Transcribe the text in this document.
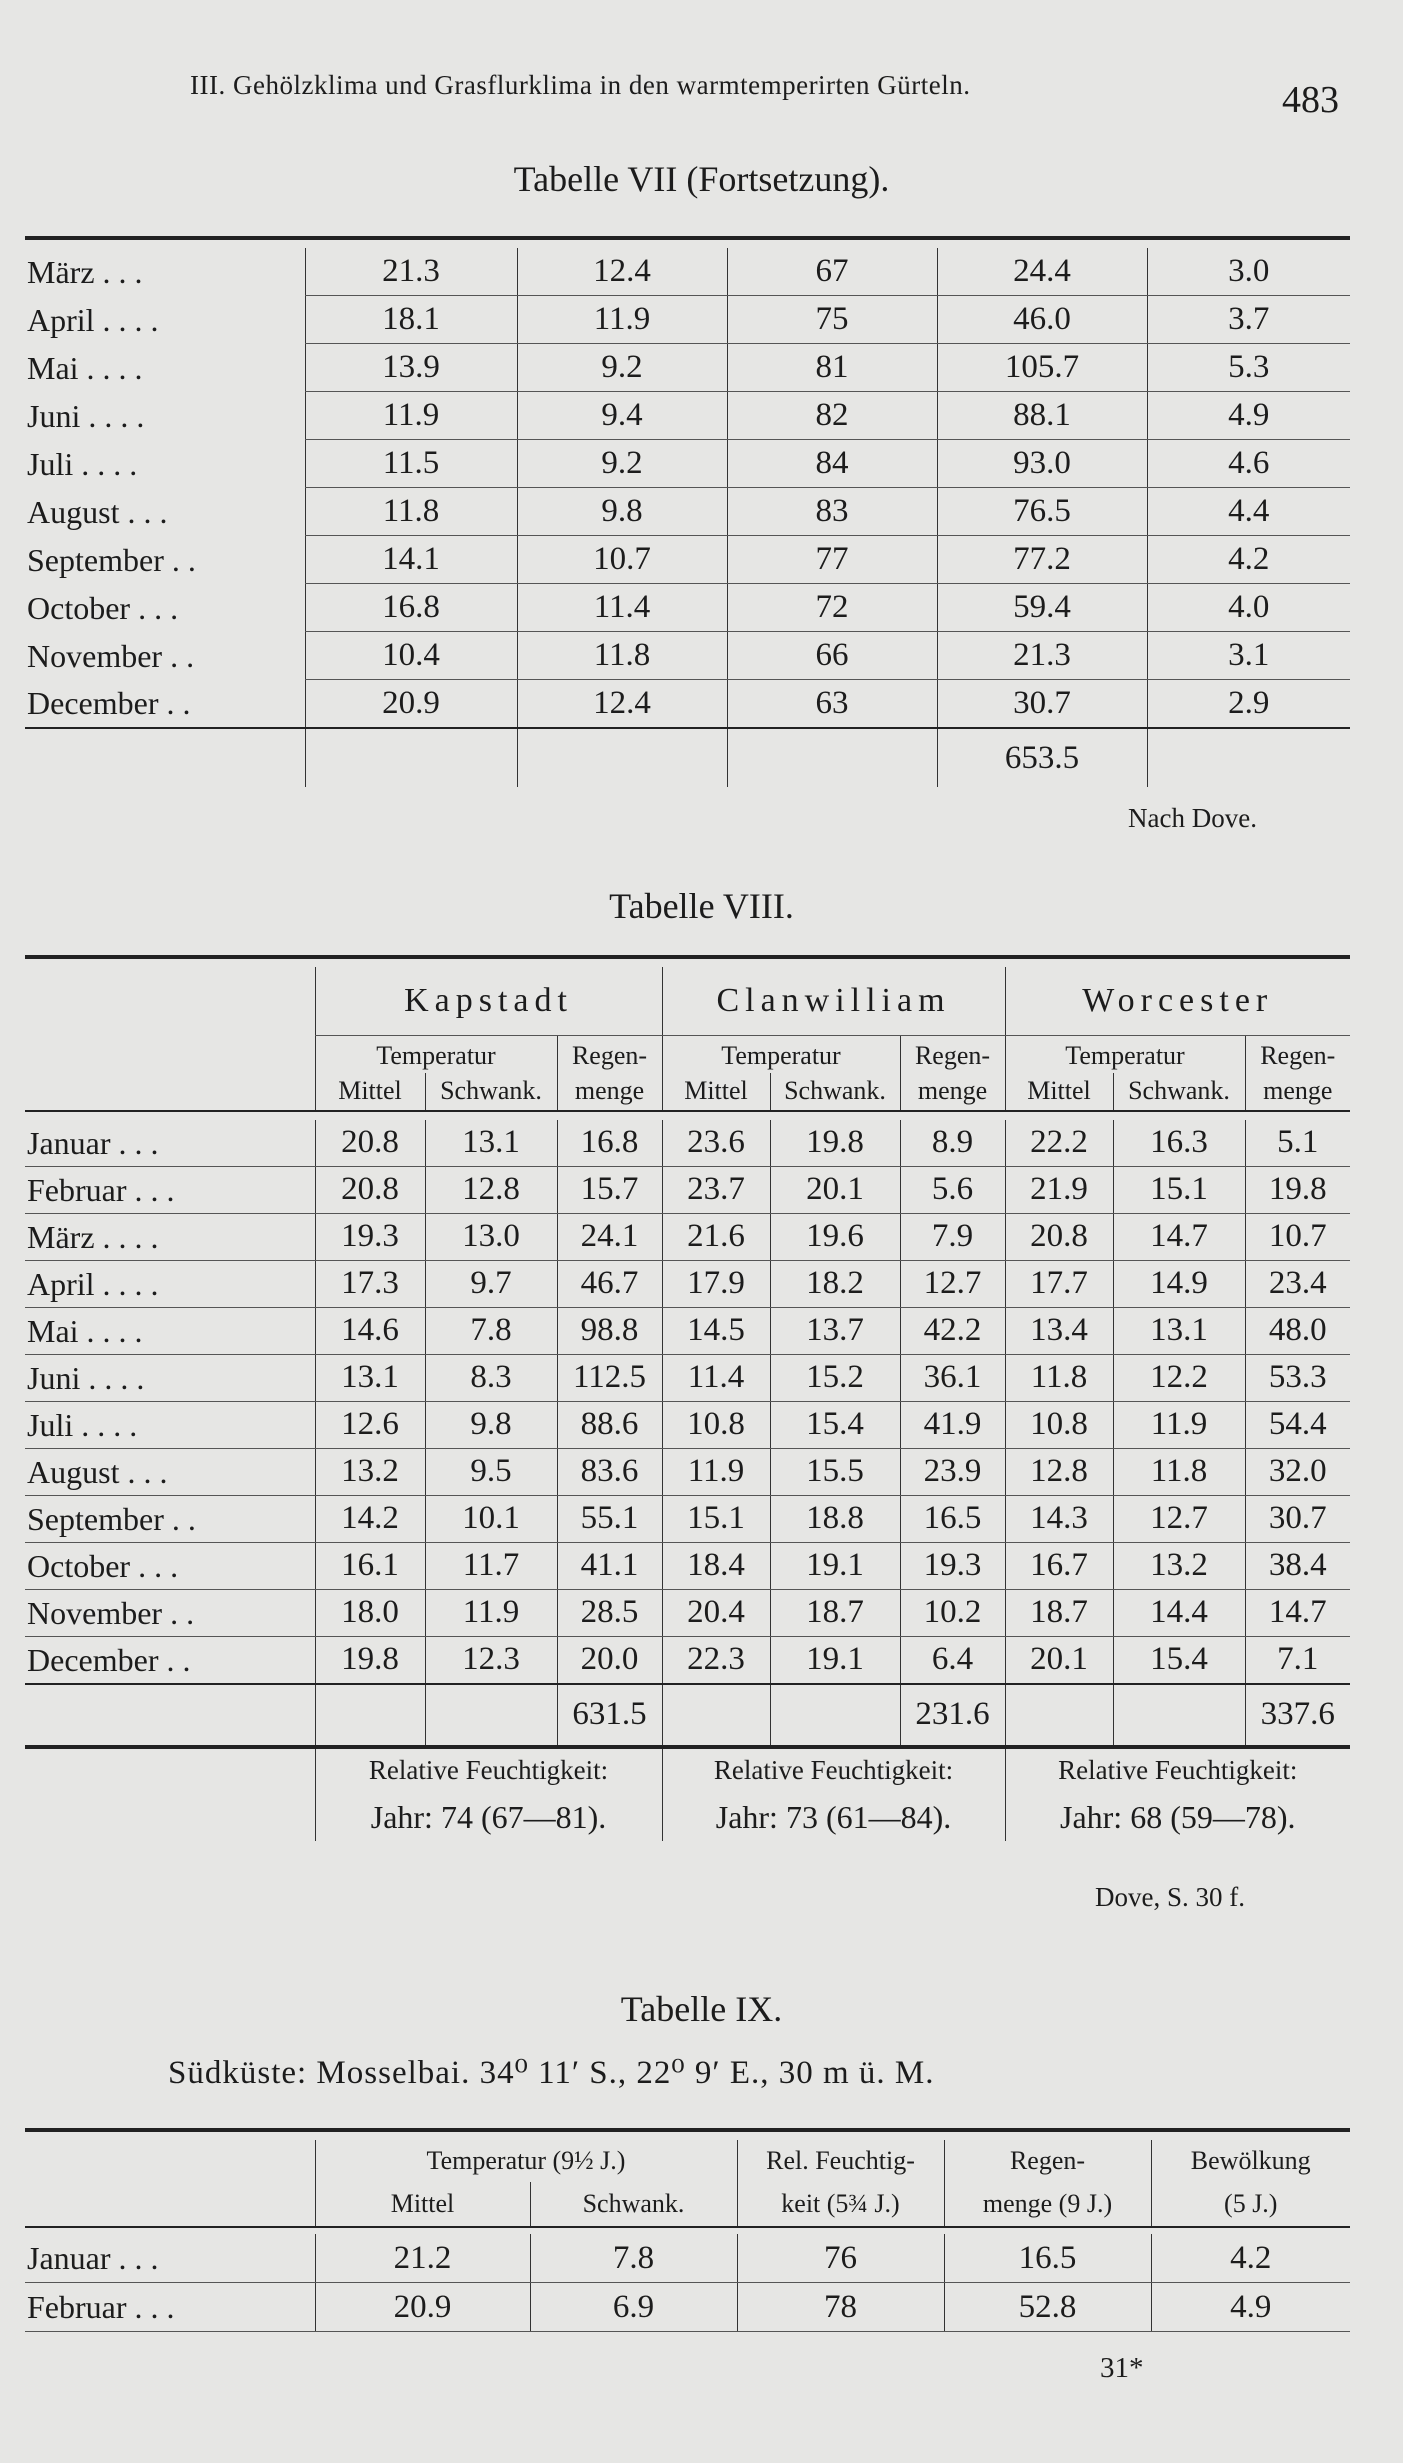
III. Gehölzklima und Grasflurklima in den warmtemperirten Gürteln.	483
Tabelle VII (Fortsetzung).

März . . .	21.3	12.4	67	24.4	3.0
April . . . .	18.1	11.9	75	46.0	3.7
Mai . . . .	13.9	9.2	81	105.7	5.3
Juni . . . .	11.9	9.4	82	88.1	4.9
Juli . . . .	11.5	9.2	84	93.0	4.6
August . . .	11.8	9.8	83	76.5	4.4
September . .	14.1	10.7	77	77.2	4.2
October . . .	16.8	11.4	72	59.4	4.0
November . .	10.4	11.8	66	21.3	3.1
December . .	20.9	12.4	63	30.7	2.9
				653.5	
Nach Dove.
Tabelle VIII.

	Kapstadt			Clanwilliam			Worcester		
	Temperatur		Regen-	Temperatur		Regen-	Temperatur		Regen-
	Mittel	Schwank.	menge	Mittel	Schwank.	menge	Mittel	Schwank.	menge

Januar . . .	20.8	13.1	16.8	23.6	19.8	8.9	22.2	16.3	5.1
Februar . . .	20.8	12.8	15.7	23.7	20.1	5.6	21.9	15.1	19.8
März . . . .	19.3	13.0	24.1	21.6	19.6	7.9	20.8	14.7	10.7
April . . . .	17.3	9.7	46.7	17.9	18.2	12.7	17.7	14.9	23.4
Mai . . . .	14.6	7.8	98.8	14.5	13.7	42.2	13.4	13.1	48.0
Juni . . . .	13.1	8.3	112.5	11.4	15.2	36.1	11.8	12.2	53.3
Juli . . . .	12.6	9.8	88.6	10.8	15.4	41.9	10.8	11.9	54.4
August . . .	13.2	9.5	83.6	11.9	15.5	23.9	12.8	11.8	32.0
September . .	14.2	10.1	55.1	15.1	18.8	16.5	14.3	12.7	30.7
October . . .	16.1	11.7	41.1	18.4	19.1	19.3	16.7	13.2	38.4
November . .	18.0	11.9	28.5	20.4	18.7	10.2	18.7	14.4	14.7
December . .	19.8	12.3	20.0	22.3	19.1	6.4	20.1	15.4	7.1
			631.5			231.6			337.6
	Relative Feuchtigkeit:			Relative Feuchtigkeit:			Relative Feuchtigkeit:		
	Jahr: 74 (67—81).			Jahr: 73 (61—84).			Jahr: 68 (59—78).		
Dove, S. 30 f.
Tabelle IX.
Südküste: Mosselbai. 34⁰ 11′ S., 22⁰ 9′ E., 30 m ü. M.

	Temperatur (9½ J.)		Rel. Feuchtig-	Regen-	Bewölkung
	Mittel	Schwank.	keit (5¾ J.)	menge (9 J.)	(5 J.)

Januar . . .	21.2	7.8	76	16.5	4.2
Februar . . .	20.9	6.9	78	52.8	4.9
31*
